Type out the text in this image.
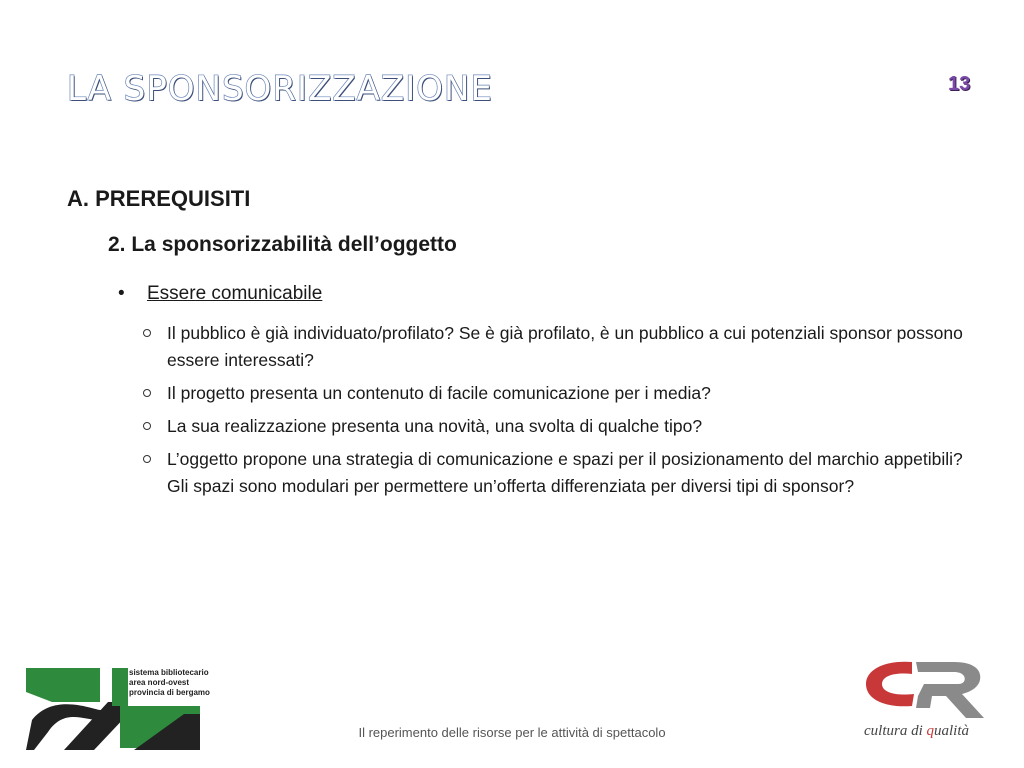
LA SPONSORIZZAZIONE	13
A. PREREQUISITI
2. La sponsorizzabilità dell’oggetto
• Essere comunicabile
Il pubblico è già individuato/profilato? Se è già profilato, è un pubblico a cui potenziali sponsor possono essere interessati?
Il progetto presenta un contenuto di facile comunicazione per i media?
La sua realizzazione presenta una novità, una svolta di qualche tipo?
L’oggetto propone una strategia di comunicazione e spazi per il posizionamento del marchio appetibili? Gli spazi sono modulari per permettere un’offerta differenziata per diversi tipi di sponsor?
sistema bibliotecario
area nord-ovest
provincia di bergamo
Il reperimento delle risorse per le attività di spettacolo	cultura di qualità
